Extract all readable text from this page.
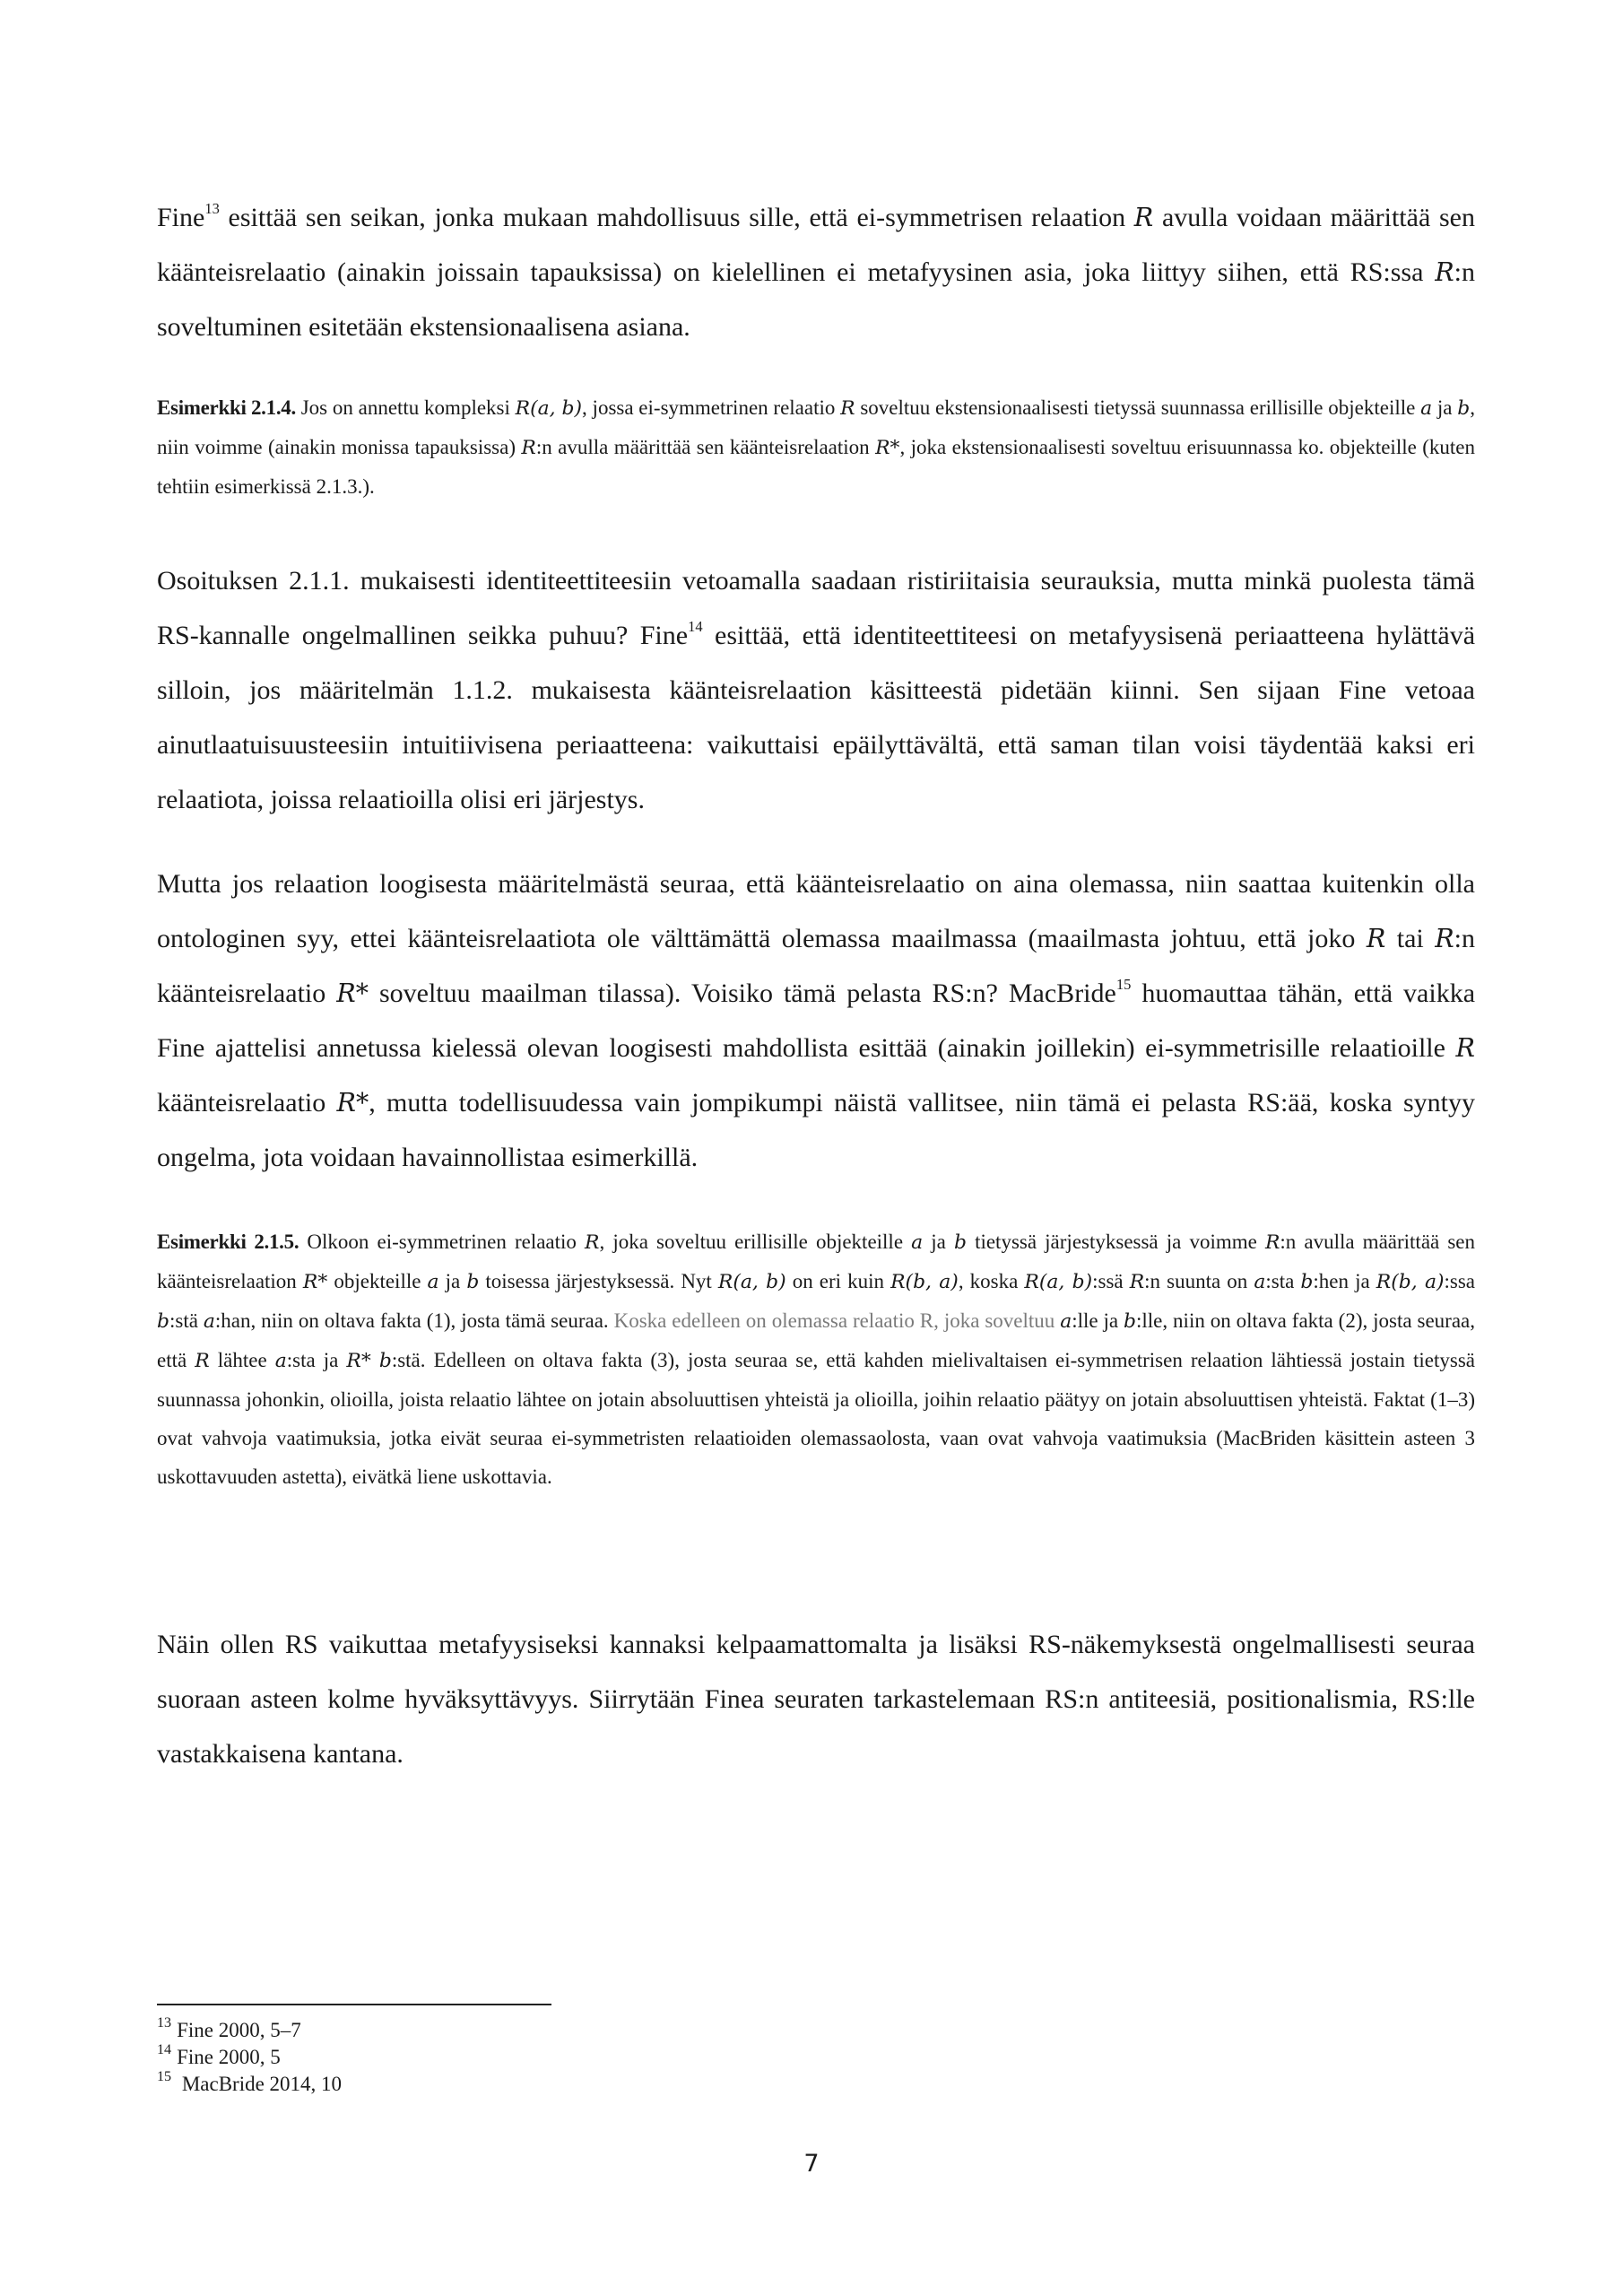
Fine$^{13}$ esittää sen seikan, jonka mukaan mahdollisuus sille, että ei-symmetrisen relaation R avulla voidaan määrittää sen käänteisrelaatio (ainakin joissain tapauksissa) on kielellinen ei metafyysinen asia, joka liittyy siihen, että RS:ssa R:n soveltuminen esitetään ekstensionaalisena asiana.

Esimerkki 2.1.4. Jos on annettu kompleksi R(a, b), jossa ei-symmetrinen relaatio R soveltuu ekstensionaalisesti tietyssä suunnassa erillisille objekteille a ja b, niin voimme (ainakin monissa tapauksissa) R:n avulla määrittää sen käänteisrelaation R*, joka ekstensionaalisesti soveltuu erisuunnassa ko. objekteille (kuten tehtiin esimerkissä 2.1.3.).

Osoituksen 2.1.1. mukaisesti identiteettiteesiin vetoamalla saadaan ristiriitaisia seurauksia, mutta minkä puolesta tämä RS-kannalle ongelmallinen seikka puhuu? Fine$^{14}$ esittää, että identiteettiteesi on metafyysisenä periaatteena hylättävä silloin, jos määritelmän 1.1.2. mukaisesta käänteisrelaation käsitteestä pidetään kiinni. Sen sijaan Fine vetoaa ainutlaatuisuusteesiin intuitiivisena periaatteena: vaikuttaisi epäilyttävältä, että saman tilan voisi täydentää kaksi eri relaatiota, joissa relaatioilla olisi eri järjestys.

Mutta jos relaation loogisesta määritelmästä seuraa, että käänteisrelaatio on aina olemassa, niin saattaa kuitenkin olla ontologinen syy, ettei käänteisrelaatiota ole välttämättä olemassa maailmassa (maailmasta johtuu, että joko R tai R:n käänteisrelaatio R* soveltuu maailman tilassa). Voisiko tämä pelasta RS:n? MacBride$^{15}$ huomauttaa tähän, että vaikka Fine ajattelisi annetussa kielessä olevan loogisesti mahdollista esittää (ainakin joillekin) ei-symmetrisille relaatioille R käänteisrelaatio R*, mutta todellisuudessa vain jompikumpi näistä vallitsee, niin tämä ei pelasta RS:ää, koska syntyy ongelma, jota voidaan havainnollistaa esimerkillä.

Esimerkki 2.1.5. Olkoon ei-symmetrinen relaatio R, joka soveltuu erillisille objekteille a ja b tietyssä järjestyksessä ja voimme R:n avulla määrittää sen käänteisrelaation R* objekteille a ja b toisessa järjestyksessä. Nyt R(a, b) on eri kuin R(b, a), koska R(a, b):ssä R:n suunta on a:sta b:hen ja R(b, a):ssa b:stä a:han, niin on oltava fakta (1), josta tämä seuraa. Koska edelleen on olemassa relaatio R, joka soveltuu a:lle ja b:lle, niin on oltava fakta (2), josta seuraa, että R lähtee a:sta ja R* b:stä. Edelleen on oltava fakta (3), josta seuraa se, että kahden mielivaltaisen ei-symmetrisen relaation lähtiessä jostain tietyssä suunnassa johonkin, olioilla, joista relaatio lähtee on jotain absoluuttisen yhteistä ja olioilla, joihin relaatio päätyy on jotain absoluuttisen yhteistä. Faktat (1–3) ovat vahvoja vaatimuksia, jotka eivät seuraa ei-symmetristen relaatioiden olemassaolosta, vaan ovat vahvoja vaatimuksia (MacBriden käsittein asteen 3 uskottavuuden astetta), eivätkä liene uskottavia.

Näin ollen RS vaikuttaa metafyysiseksi kannaksi kelpaamattomalta ja lisäksi RS-näkemyksestä ongelmallisesti seuraa suoraan asteen kolme hyväksyttävyys. Siirrytään Finea seuraten tarkastelemaan RS:n antiteesiä, positionalismia, RS:lle vastakkaisena kantana.

$^{13}$ Fine 2000, 5–7
$^{14}$ Fine 2000, 5
$^{15}$ MacBride 2014, 10
7
